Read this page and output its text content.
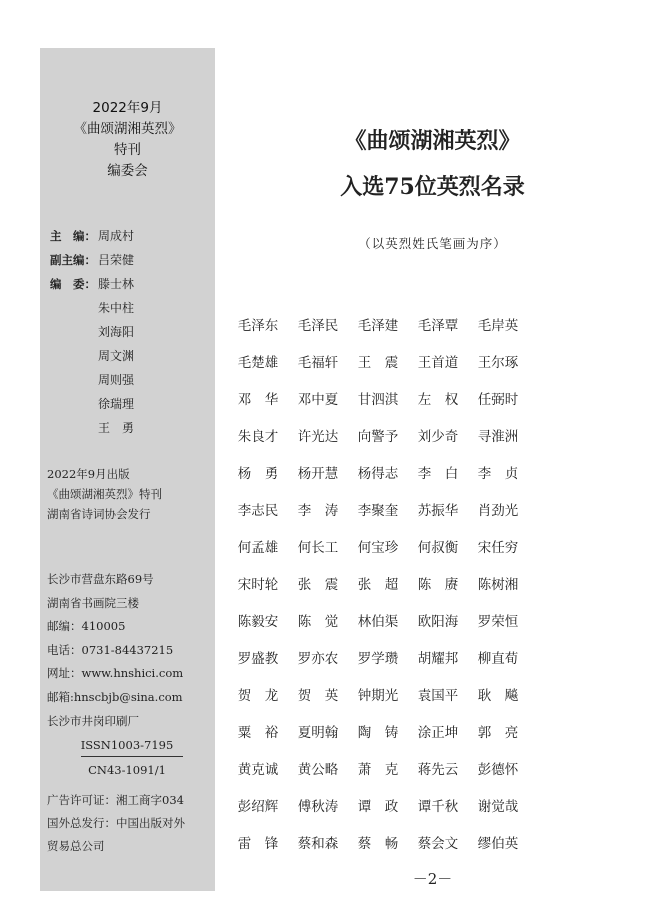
2022年9月
《曲颂湖湘英烈》
特刊
编委会
主　编： 周成村
副主编： 吕荣健
编　委： 滕士林
朱中柱
刘海阳
周文渊
周则强
徐瑞理
王　勇
2022年9月出版
《曲颂湖湘英烈》特刊
湖南省诗词协会发行
长沙市营盘东路69号
湖南省书画院三楼
邮编：410005
电话：0731-84437215
网址：www.hnshici.com
邮箱:hnscbjb@sina.com
长沙市井岗印刷厂
ISSN1003-7195
CN43-1091/1
广告许可证：湘工商字034
国外总发行：中国出版对外
贸易总公司
《曲颂湖湘英烈》
入选75位英烈名录
（以英烈姓氏笔画为序）
毛泽东	毛泽民	毛泽建	毛泽覃	毛岸英
毛楚雄	毛福轩	王　震	王首道	王尔琢
邓　华	邓中夏	甘泗淇	左　权	任弼时
朱良才	许光达	向警予	刘少奇	寻淮洲
杨　勇	杨开慧	杨得志	李　白	李　贞
李志民	李　涛	李聚奎	苏振华	肖劲光
何孟雄	何长工	何宝珍	何叔衡	宋任穷
宋时轮	张　震	张　超	陈　赓	陈树湘
陈毅安	陈　觉	林伯渠	欧阳海	罗荣恒
罗盛教	罗亦农	罗学瓒	胡耀邦	柳直荀
贺　龙	贺　英	钟期光	袁国平	耿　飚
粟　裕	夏明翰	陶　铸	涂正坤	郭　亮
黄克诚	黄公略	萧　克	蒋先云	彭德怀
彭绍辉	傅秋涛	谭　政	谭千秋	谢觉哉
雷　锋	蔡和森	蔡　畅	蔡会文	缪伯英
－2－
